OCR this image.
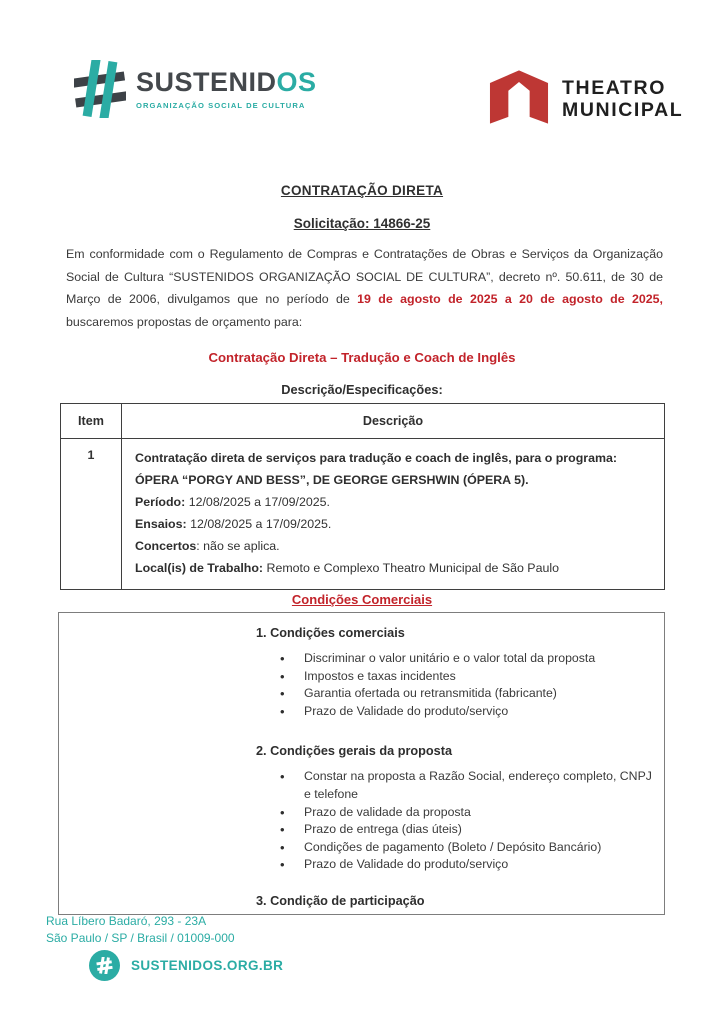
SUSTENIDOS
ORGANIZAÇÃO SOCIAL DE CULTURA
THEATRO
MUNICIPAL
CONTRATAÇÃO DIRETA
Solicitação: 14866-25

Em conformidade com o Regulamento de Compras e Contratações de Obras e Serviços da Organização Social de Cultura “SUSTENIDOS ORGANIZAÇÃO SOCIAL DE CULTURA”, decreto nº. 50.611, de 30 de Março de 2006, divulgamos que no período de 19 de agosto de 2025 a 20 de agosto de 2025, buscaremos propostas de orçamento para:

Contratação Direta – Tradução e Coach de Inglês
Descrição/Especificações:
Item	Descrição
1	Contratação direta de serviços para tradução e coach de inglês, para o programa: ÓPERA “PORGY AND BESS”, DE GEORGE GERSHWIN (ÓPERA 5).
Período: 12/08/2025 a 17/09/2025.
Ensaios: 12/08/2025 a 17/09/2025.
Concertos: não se aplica.
Local(is) de Trabalho: Remoto e Complexo Theatro Municipal de São Paulo
Condições Comerciais
1. Condições comerciais
• Discriminar o valor unitário e o valor total da proposta
• Impostos e taxas incidentes
• Garantia ofertada ou retransmitida (fabricante)
• Prazo de Validade do produto/serviço
2. Condições gerais da proposta
• Constar na proposta a Razão Social, endereço completo, CNPJ e telefone
• Prazo de validade da proposta
• Prazo de entrega (dias úteis)
• Condições de pagamento (Boleto / Depósito Bancário)
• Prazo de Validade do produto/serviço
3. Condição de participação
Rua Líbero Badaró, 293 - 23A
São Paulo / SP / Brasil / 01009-000
SUSTENIDOS.ORG.BR
